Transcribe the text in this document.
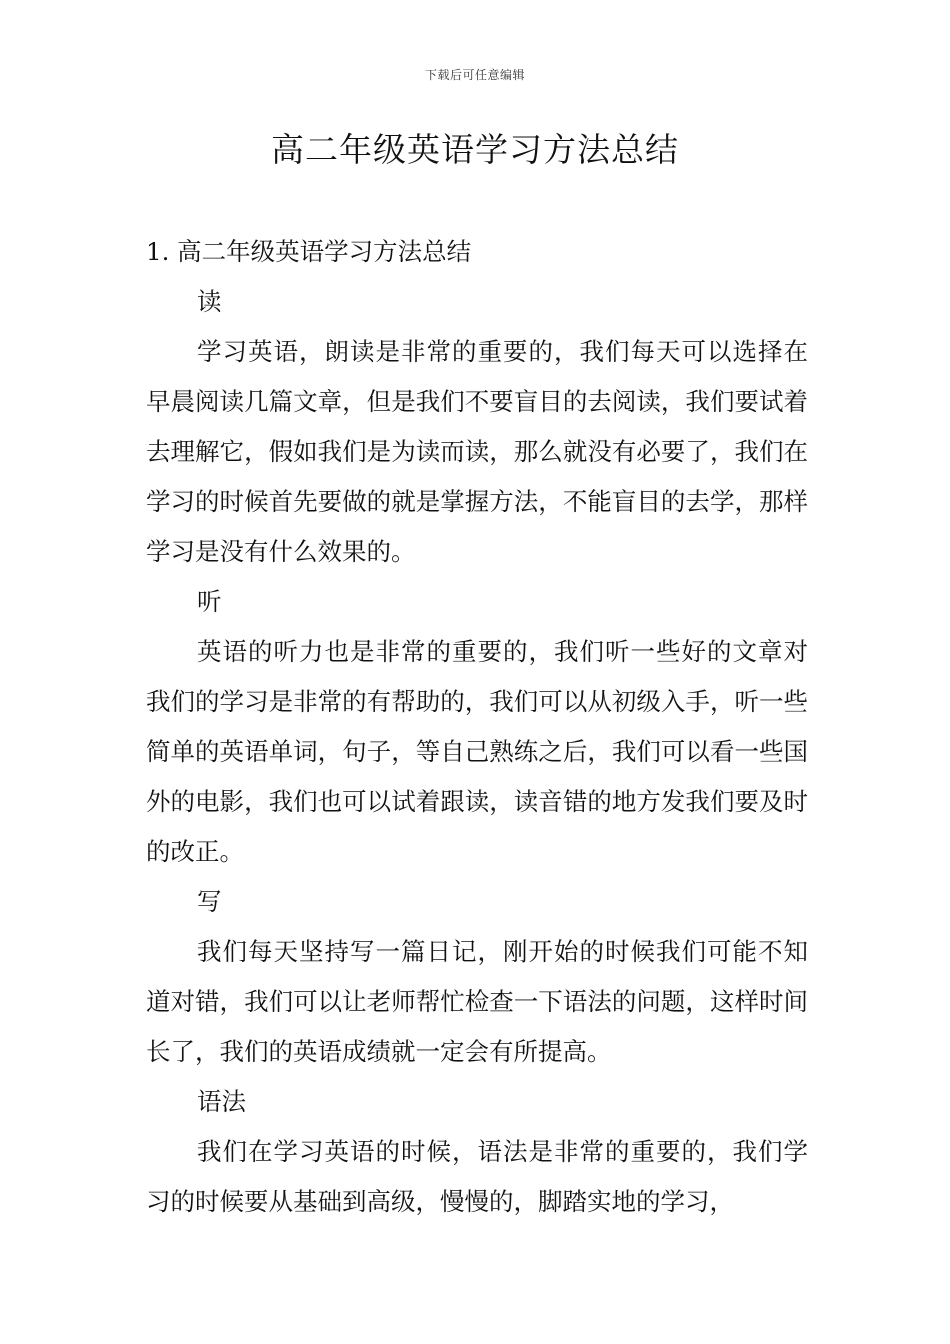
下载后可任意编辑
高二年级英语学习方法总结

1. 高二年级英语学习方法总结

读

学习英语，朗读是非常的重要的，我们每天可以选择在早晨阅读几篇文章，但是我们不要盲目的去阅读，我们要试着去理解它，假如我们是为读而读，那么就没有必要了，我们在学习的时候首先要做的就是掌握方法，不能盲目的去学，那样学习是没有什么效果的。

听

英语的听力也是非常的重要的，我们听一些好的文章对我们的学习是非常的有帮助的，我们可以从初级入手，听一些简单的英语单词，句子，等自己熟练之后，我们可以看一些国外的电影，我们也可以试着跟读，读音错的地方发我们要及时的改正。

写

我们每天坚持写一篇日记，刚开始的时候我们可能不知道对错，我们可以让老师帮忙检查一下语法的问题，这样时间长了，我们的英语成绩就一定会有所提高。

语法

我们在学习英语的时候，语法是非常的重要的，我们学习的时候要从基础到高级，慢慢的，脚踏实地的学习，
